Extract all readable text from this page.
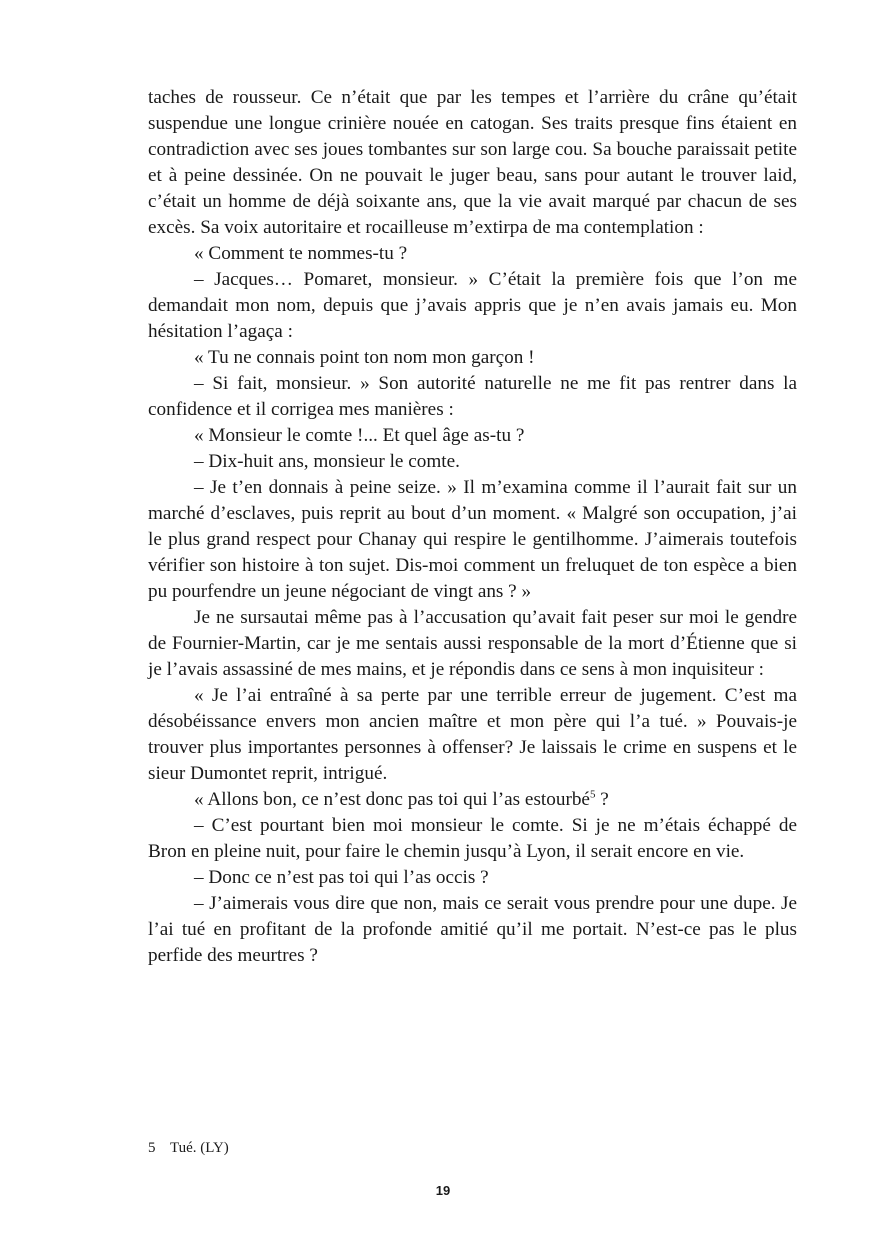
taches de rousseur. Ce n’était que par les tempes et l’arrière du crâne qu’était suspendue une longue crinière nouée en catogan. Ses traits presque fins étaient en contradiction avec ses joues tombantes sur son large cou. Sa bouche paraissait petite et à peine dessinée. On ne pouvait le juger beau, sans pour autant le trouver laid, c’était un homme de déjà soixante ans, que la vie avait marqué par chacun de ses excès. Sa voix autoritaire et rocailleuse m’extirpa de ma contemplation :

« Comment te nommes-tu ?

– Jacques… Pomaret, monsieur. » C’était la première fois que l’on me demandait mon nom, depuis que j’avais appris que je n’en avais jamais eu. Mon hésitation l’agaça :

« Tu ne connais point ton nom mon garçon !

– Si fait, monsieur. » Son autorité naturelle ne me fit pas rentrer dans la confidence et il corrigea mes manières :

« Monsieur le comte !... Et quel âge as-tu ?

– Dix-huit ans, monsieur le comte.

– Je t’en donnais à peine seize. » Il m’examina comme il l’aurait fait sur un marché d’esclaves, puis reprit au bout d’un moment. « Malgré son occupation, j’ai le plus grand respect pour Chanay qui respire le gentilhomme. J’aimerais toutefois vérifier son histoire à ton sujet. Dis-moi comment un freluquet de ton espèce a bien pu pourfendre un jeune négociant de vingt ans ? »

Je ne sursautai même pas à l’accusation qu’avait fait peser sur moi le gendre de Fournier-Martin, car je me sentais aussi responsable de la mort d’Étienne que si je l’avais assassiné de mes mains, et je répondis dans ce sens à mon inquisiteur :

« Je l’ai entraîné à sa perte par une terrible erreur de jugement. C’est ma désobéissance envers mon ancien maître et mon père qui l’a tué. » Pouvais-je trouver plus importantes personnes à offenser? Je laissais le crime en suspens et le sieur Dumontet reprit, intrigué.

« Allons bon, ce n’est donc pas toi qui l’as estourbé$^5$ ?

– C’est pourtant bien moi monsieur le comte. Si je ne m’étais échappé de Bron en pleine nuit, pour faire le chemin jusqu’à Lyon, il serait encore en vie.

– Donc ce n’est pas toi qui l’as occis ?

– J’aimerais vous dire que non, mais ce serait vous prendre pour une dupe. Je l’ai tué en profitant de la profonde amitié qu’il me portait. N’est-ce pas le plus perfide des meurtres ?

5 Tué. (LY)
19
